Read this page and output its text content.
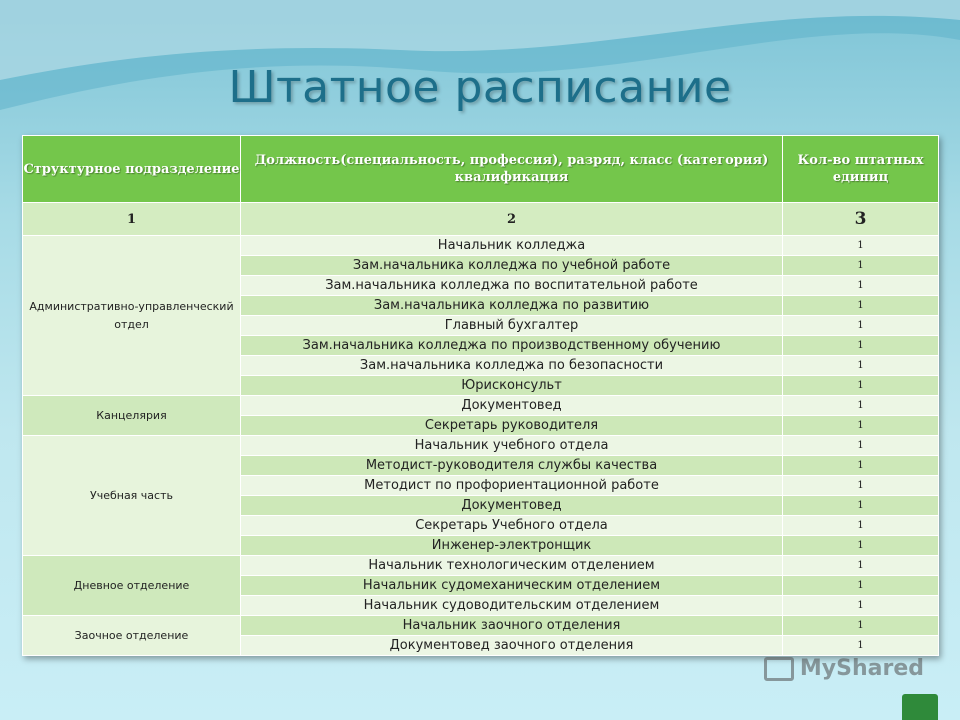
Штатное расписание
Структурное подразделение	Должность(специальность, профессия), разряд, класс (категория) квалификация	Кол-во штатных единиц
1	2	3
Административно-управленческий отдел	Начальник колледжа	1
	Зам.начальника колледжа по учебной работе	1
	Зам.начальника колледжа по воспитательной работе	1
	Зам.начальника колледжа по развитию	1
	Главный бухгалтер	1
	Зам.начальника колледжа по производственному обучению	1
	Зам.начальника колледжа по безопасности	1
	Юрисконсульт	1
Канцелярия	Документовед	1
	Секретарь руководителя	1
Учебная часть	Начальник учебного отдела	1
	Методист-руководителя службы качества	1
	Методист по профориентационной работе	1
	Документовед	1
	Секретарь Учебного отдела	1
	Инженер-электронщик	1
Дневное отделение	Начальник технологическим отделением	1
	Начальник судомеханическим отделением	1
	Начальник судоводительским отделением	1
Заочное отделение	Начальник заочного отделения	1
	Документовед заочного отделения	1
MyShared
